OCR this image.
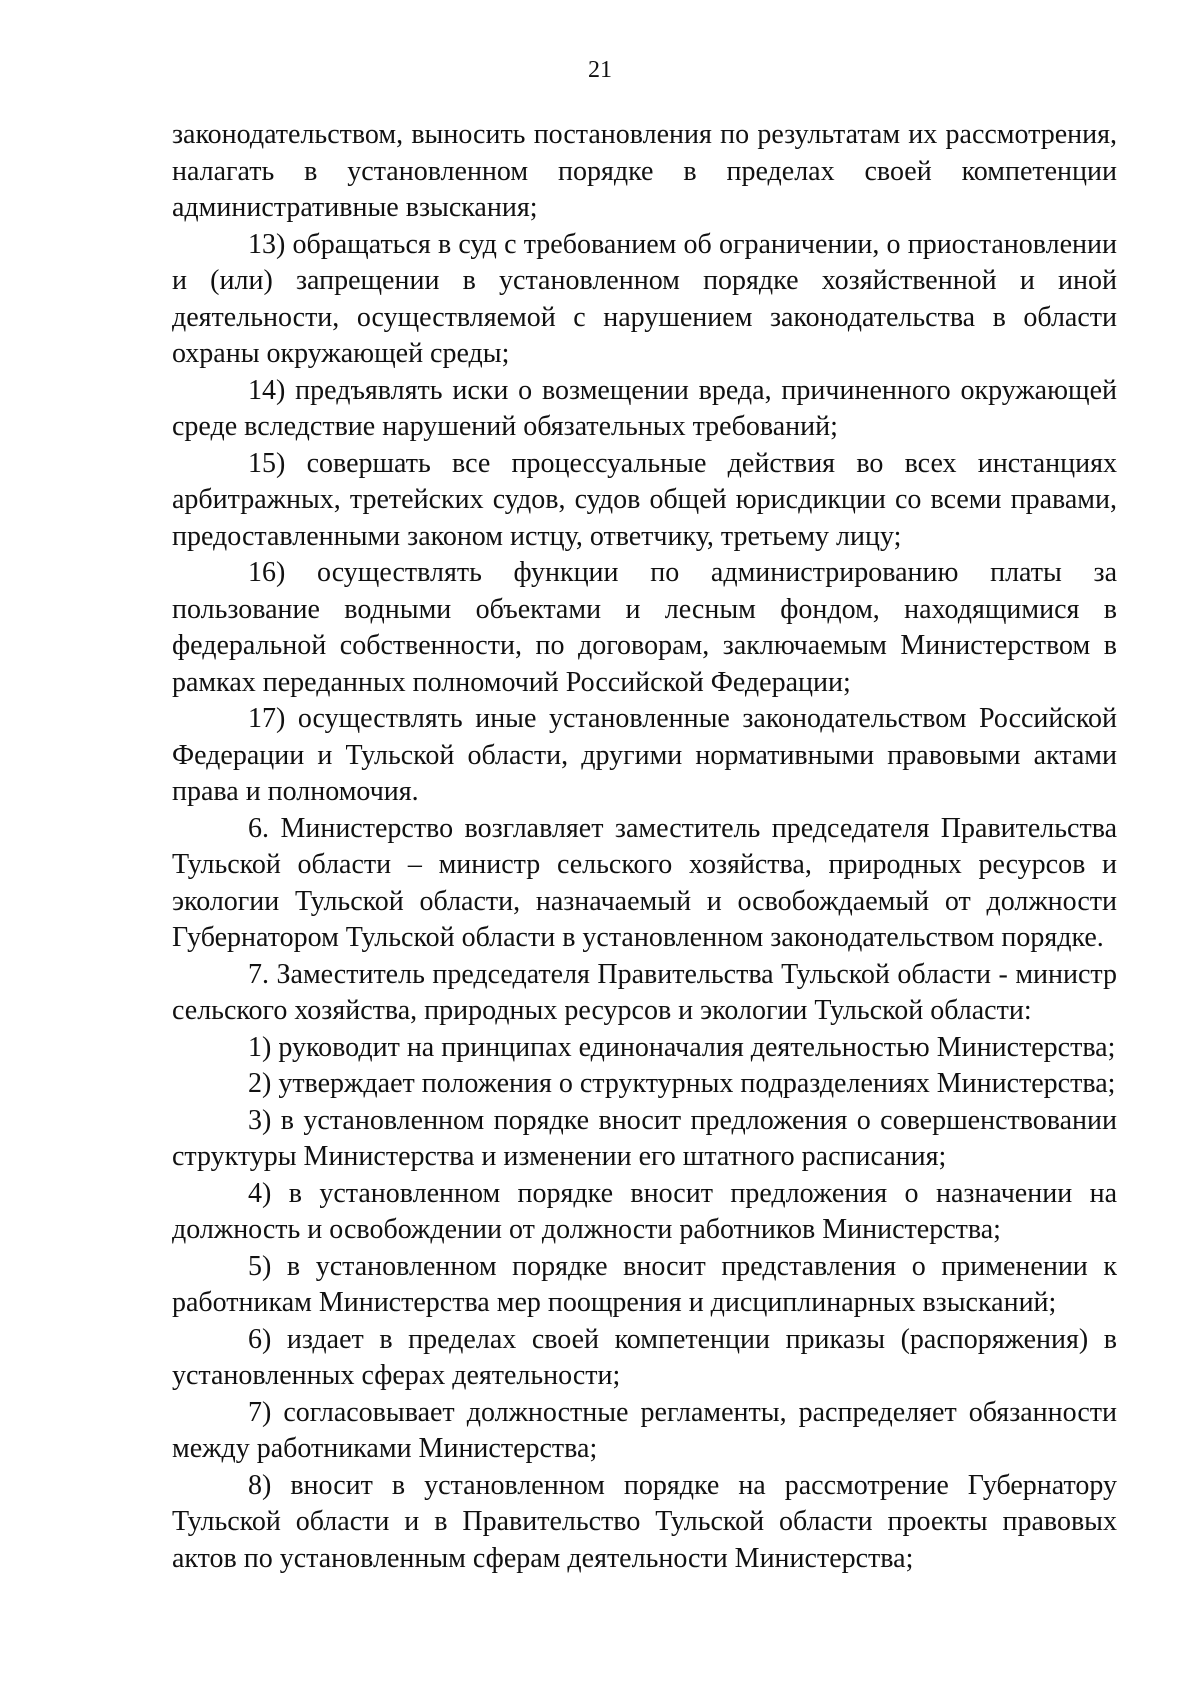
21

законодательством, выносить постановления по результатам их рассмотрения, налагать в установленном порядке в пределах своей компетенции административные взыскания;

13) обращаться в суд с требованием об ограничении, о приостановлении и (или) запрещении в установленном порядке хозяйственной и иной деятельности, осуществляемой с нарушением законодательства в области охраны окружающей среды;

14) предъявлять иски о возмещении вреда, причиненного окружающей среде вследствие нарушений обязательных требований;

15) совершать все процессуальные действия во всех инстанциях арбитражных, третейских судов, судов общей юрисдикции со всеми правами, предоставленными законом истцу, ответчику, третьему лицу;

16) осуществлять функции по администрированию платы за пользование водными объектами и лесным фондом, находящимися в федеральной собственности, по договорам, заключаемым Министерством в рамках переданных полномочий Российской Федерации;

17) осуществлять иные установленные законодательством Российской Федерации и Тульской области, другими нормативными правовыми актами права и полномочия.

6. Министерство возглавляет заместитель председателя Правительства Тульской области – министр сельского хозяйства, природных ресурсов и экологии Тульской области, назначаемый и освобождаемый от должности Губернатором Тульской области в установленном законодательством порядке.

7. Заместитель председателя Правительства Тульской области - министр сельского хозяйства, природных ресурсов и экологии Тульской области:

1) руководит на принципах единоначалия деятельностью Министерства;

2) утверждает положения о структурных подразделениях Министерства;

3) в установленном порядке вносит предложения о совершенствовании структуры Министерства и изменении его штатного расписания;

4) в установленном порядке вносит предложения о назначении на должность и освобождении от должности работников Министерства;

5) в установленном порядке вносит представления о применении к работникам Министерства мер поощрения и дисциплинарных взысканий;

6) издает в пределах своей компетенции приказы (распоряжения) в установленных сферах деятельности;

7) согласовывает должностные регламенты, распределяет обязанности между работниками Министерства;

8) вносит в установленном порядке на рассмотрение Губернатору Тульской области и в Правительство Тульской области проекты правовых актов по установленным сферам деятельности Министерства;
